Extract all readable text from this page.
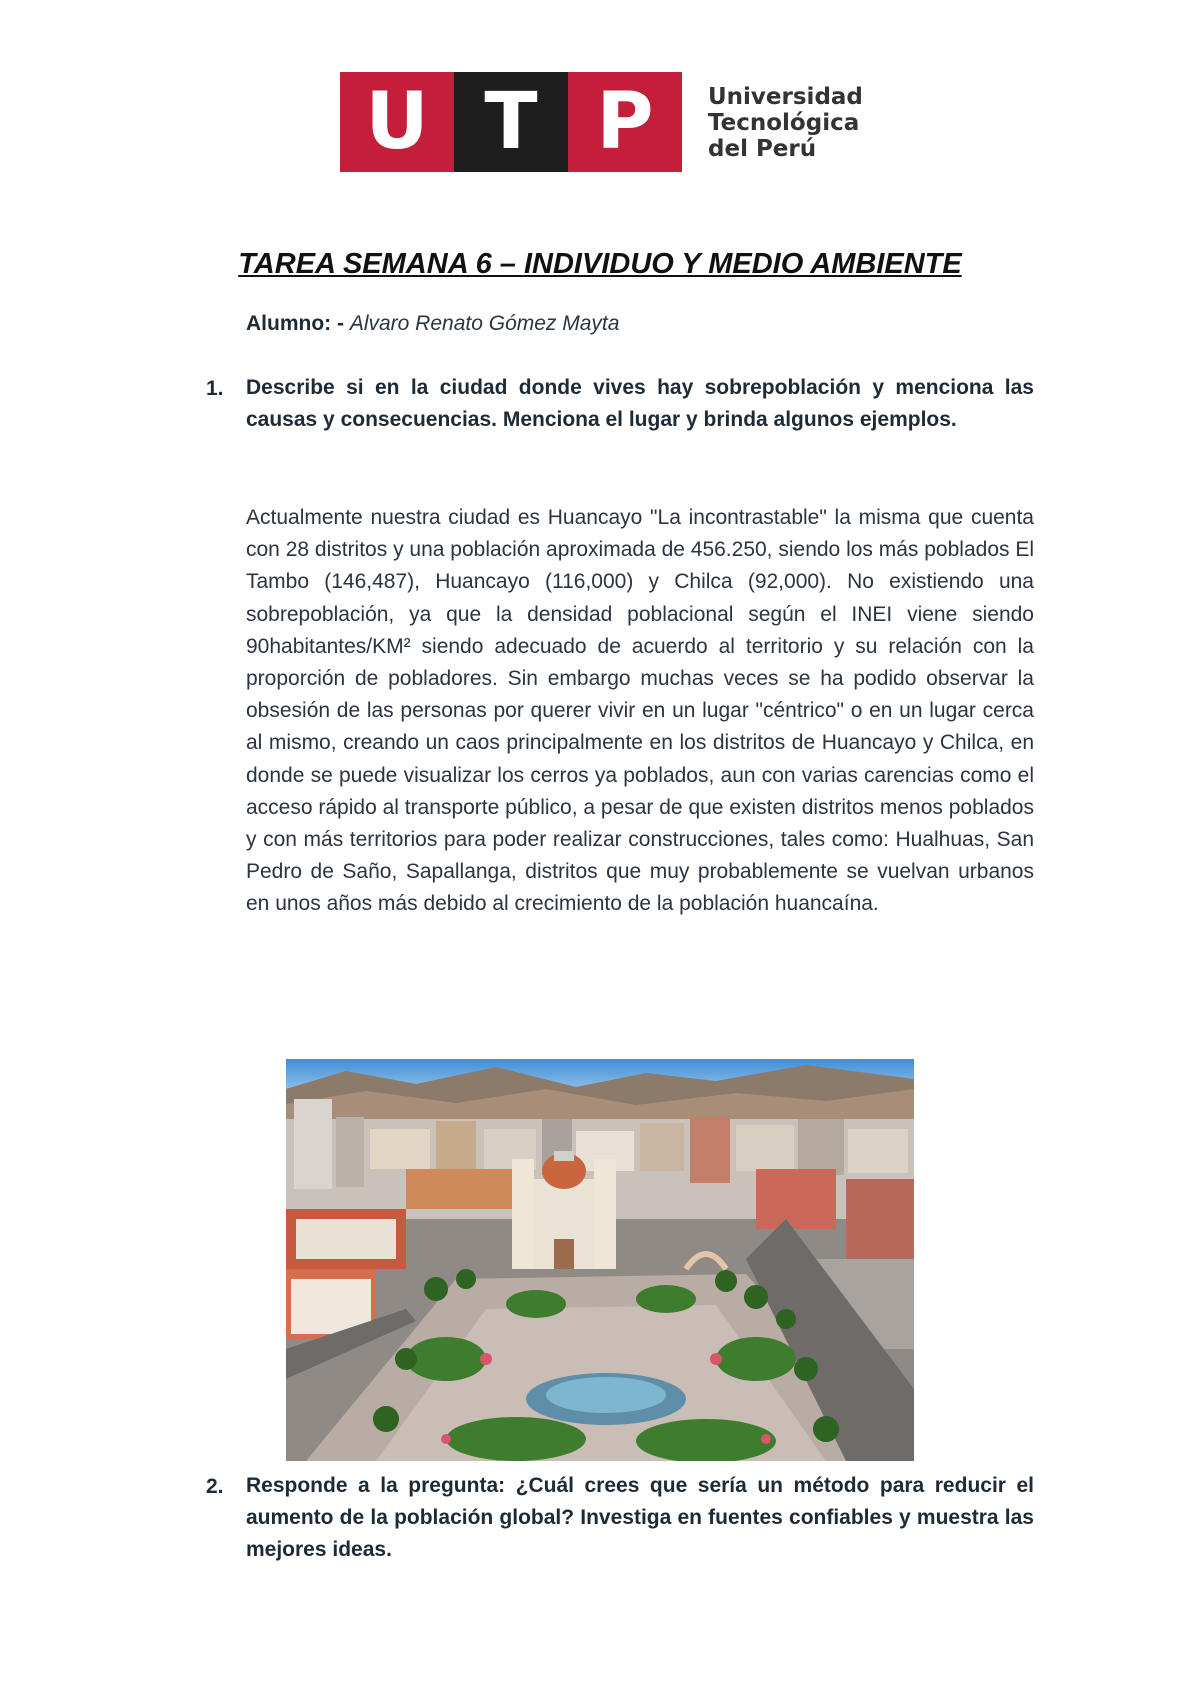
U T P	Universidad
Tecnológica
del Perú
TAREA SEMANA 6 – INDIVIDUO Y MEDIO AMBIENTE
Alumno: - Alvaro Renato Gómez Mayta
1. Describe si en la ciudad donde vives hay sobrepoblación y menciona las causas y consecuencias. Menciona el lugar y brinda algunos ejemplos.

Actualmente nuestra ciudad es Huancayo "La incontrastable" la misma que cuenta con 28 distritos y una población aproximada de 456.250, siendo los más poblados El Tambo (146,487), Huancayo (116,000) y Chilca (92,000). No existiendo una sobrepoblación, ya que la densidad poblacional según el INEI viene siendo 90habitantes/KM² siendo adecuado de acuerdo al territorio y su relación con la proporción de pobladores. Sin embargo muchas veces se ha podido observar la obsesión de las personas por querer vivir en un lugar "céntrico" o en un lugar cerca al mismo, creando un caos principalmente en los distritos de Huancayo y Chilca, en donde se puede visualizar los cerros ya poblados, aun con varias carencias como el acceso rápido al transporte público, a pesar de que existen distritos menos poblados y con más territorios para poder realizar construcciones, tales como: Hualhuas, San Pedro de Saño, Sapallanga, distritos que muy probablemente se vuelvan urbanos en unos años más debido al crecimiento de la población huancaína.

2. Responde a la pregunta: ¿Cuál crees que sería un método para reducir el aumento de la población global? Investiga en fuentes confiables y muestra las mejores ideas.
